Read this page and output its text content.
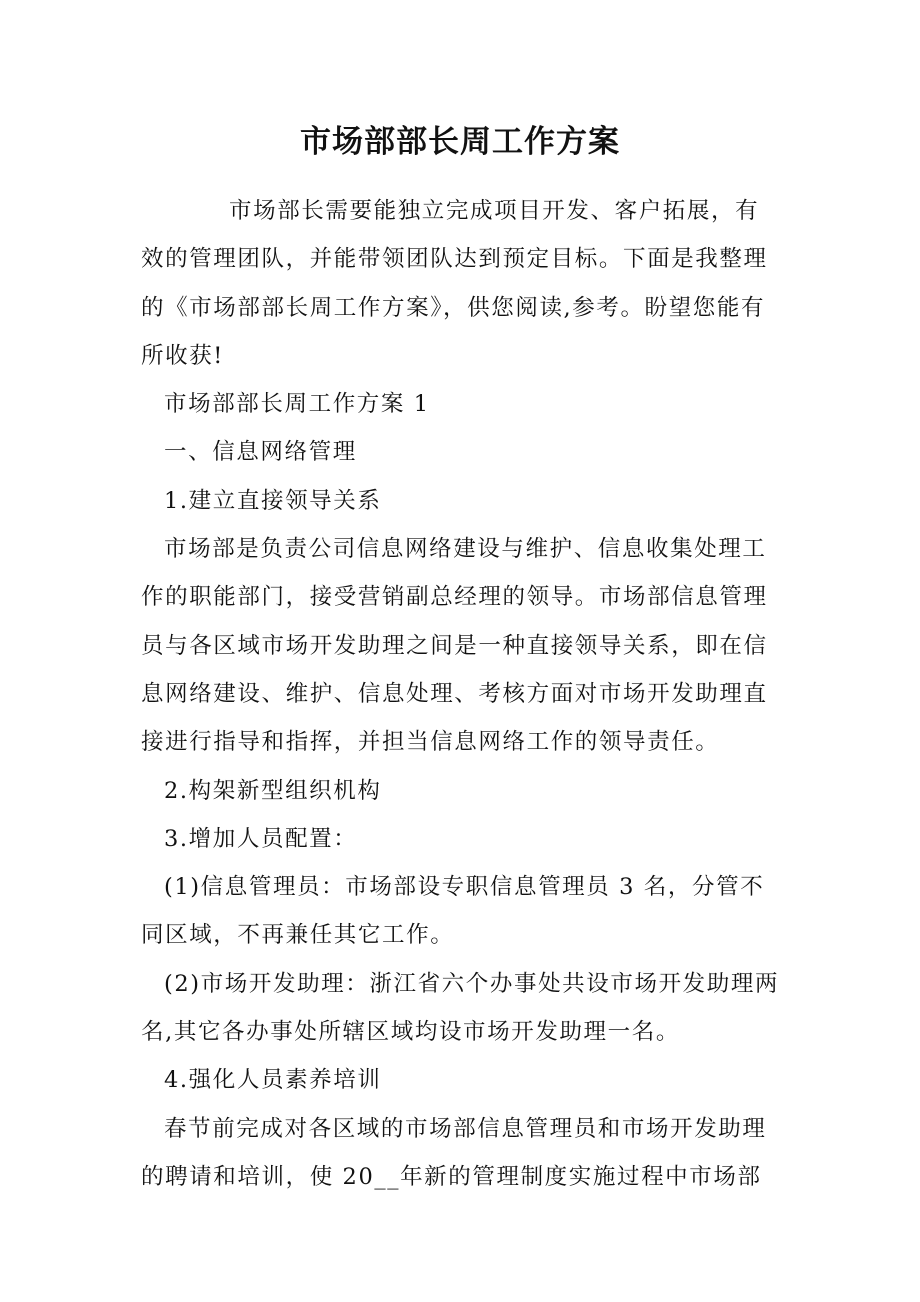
市场部部长周工作方案

市场部长需要能独立完成项目开发、客户拓展，有效的管理团队，并能带领团队达到预定目标。下面是我整理的《市场部部长周工作方案》，供您阅读,参考。盼望您能有所收获!

市场部部长周工作方案 1

一、信息网络管理

1.建立直接领导关系

市场部是负责公司信息网络建设与维护、信息收集处理工作的职能部门，接受营销副总经理的领导。市场部信息管理员与各区域市场开发助理之间是一种直接领导关系，即在信息网络建设、维护、信息处理、考核方面对市场开发助理直接进行指导和指挥，并担当信息网络工作的领导责任。

2.构架新型组织机构

3.增加人员配置：

(1)信息管理员：市场部设专职信息管理员 3 名，分管不同区域，不再兼任其它工作。

(2)市场开发助理：浙江省六个办事处共设市场开发助理两名,其它各办事处所辖区域均设市场开发助理一名。

4.强化人员素养培训

春节前完成对各区域的市场部信息管理员和市场开发助理的聘请和培训，使 20__年新的管理制度实施过程中市场部
